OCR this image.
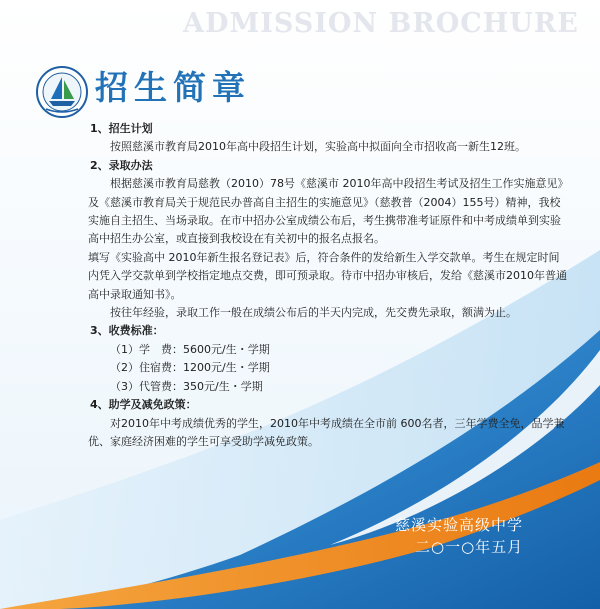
ADMISSION BROCHURE
招生简章

1、招生计划

按照慈溪市教育局2010年高中段招生计划，实验高中拟面向全市招收高一新生12班。

2、录取办法

根据慈溪市教育局慈教（2010）78号《慈溪市 2010年高中段招生考试及招生工作实施意见》及《慈溪市教育局关于规范民办普高自主招生的实施意见》（慈教普（2004）155号）精神，我校实施自主招生、当场录取。在市中招办公室成绩公布后，考生携带准考证原件和中考成绩单到实验高中招生办公室，或直接到我校设在有关初中的报名点报名。

填写《实验高中 2010年新生报名登记表》后，符合条件的发给新生入学交款单。考生在规定时间内凭入学交款单到学校指定地点交费，即可预录取。待市中招办审核后，发给《慈溪市2010年普通高中录取通知书》。

按往年经验，录取工作一般在成绩公布后的半天内完成，先交费先录取，额满为止。

3、收费标准：

（1）学　费：5600元/生・学期

（2）住宿费：1200元/生・学期

（3）代管费：350元/生・学期

4、助学及减免政策：

对2010年中考成绩优秀的学生，2010年中考成绩在全市前 600名者，三年学费全免，品学兼优、家庭经济困难的学生可享受助学减免政策。

慈溪实验高级中学
二○一○年五月
